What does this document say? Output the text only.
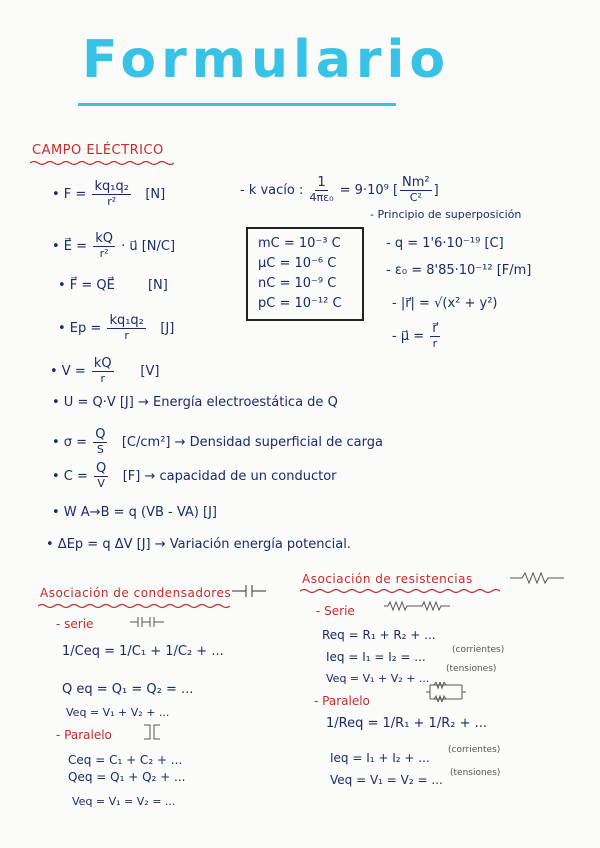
Formulario
CAMPO ELÉCTRICO
• $F = \frac{\text{kq₁q₂}}{\text{r²}} [N]$	- k vacío : $\frac{1}{\text{4πε₀}} = 9\cdot 10^9$ [ $\frac{\text{Nm²}}{\text{C²}}$ ]
• E⃗ = $\frac{kQ}{\text{r²}}$ · u⃗ [N/C]	mC = 10⁻³ C
μC = 10⁻⁶ C
nC = 10⁻⁹ C
pC = 10⁻¹² C
- Principio de superposición
- q = 1'6·10⁻¹⁹ [C]
- ε₀ = 8'85·10⁻¹² [F/m]
- |r⃗| = √(x² + y²)
- μ⃗ = $\frac{r⃗}{r}$
• F⃗ = QE⃗	[N]
• $Ep = \frac{\text{kq₁q₂}}{r} [J]$
• $V = \frac{kQ}{r} [V]$
• U = Q·V [J] → Energía electroestática de Q
• $\sigma = \frac{Q}{S} [C/cm^2]$ → Densidad superficial de carga
• $C = \frac{Q}{V} [F]$ → capacidad de un conductor
• W A→B = q (VB - VA) [J]
• ΔEp = q ΔV [J] → Variación energía potencial.
Asociación de condensadores
- serie
1/Ceq = 1/C₁ + 1/C₂ + ...
Q eq = Q₁ = Q₂ = ...
Veq = V₁ + V₂ + ...
- Paralelo
Ceq = C₁ + C₂ + ...
Qeq = Q₁ + Q₂ + ...
Veq = V₁ = V₂ = ...
Asociación de resistencias
- Serie
Req = R₁ + R₂ + ...
Ieq = I₁ = I₂ = ...	(corrientes)
Veq = V₁ + V₂ + ...
(tensiones)
- Paralelo
1/Req = 1/R₁ + 1/R₂ + ...
Ieq = I₁ + I₂ + ...
(corrientes)
Veq = V₁ = V₂ = ... (tensiones)
